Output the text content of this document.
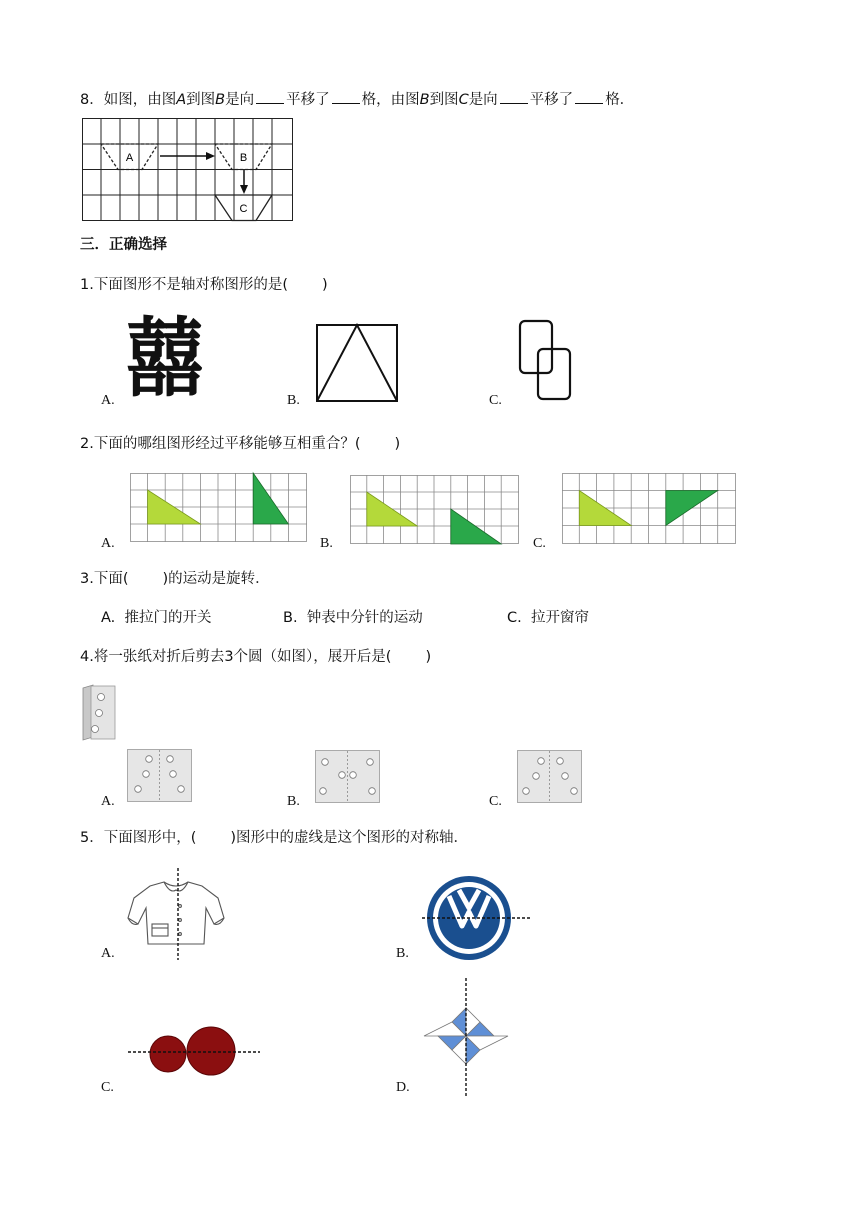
8．如图，由图A到图B是向 平移了 格，由图B到图C是向 平移了 格．
A	B
C
三．正确选择
1.下面图形不是轴对称图形的是( )
A. 囍	B.	C.
2.下面的哪组图形经过平移能够互相重合？( )
A.	B.	C.
3.下面( )的运动是旋转．
A. 推拉门的开关	B. 钟表中分针的运动	C. 拉开窗帘
4.将一张纸对折后剪去3个圆（如图），展开后是( )
A.	B.	C.
5．下面图形中，( )图形中的虚线是这个图形的对称轴．
A.	B.
C.	D.
